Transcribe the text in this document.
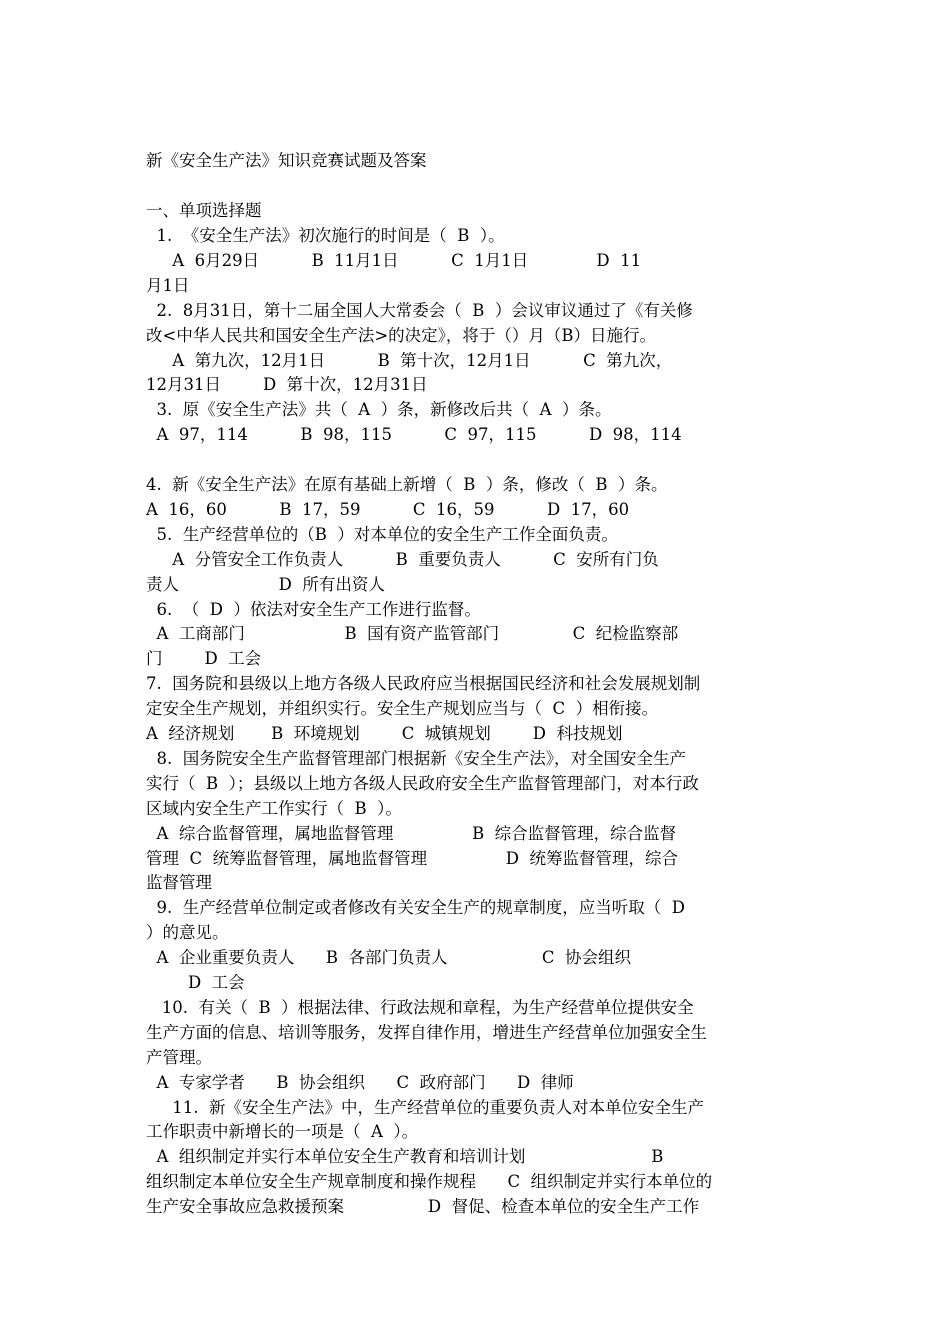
新《安全生产法》知识竞赛试题及答案
一、单项选择题
1.  《安全生产法》初次施行的时间是（  B  ）。
A  6月29日          B  11月1日          C  1月1日             D  11
月1日
2.  8月31日，第十二届全国人大常委会（  B  ）会议审议通过了《有关修
改<中华人民共和国安全生产法>的决定》，将于（）月（B）日施行。
A  第九次，12月1日          B  第十次，12月1日          C  第九次，
12月31日        D  第十次，12月31日
3.  原《安全生产法》共（  A  ）条，新修改后共（  A  ）条。
A  97，114          B  98，115          C  97，115          D  98，114
4.  新《安全生产法》在原有基础上新增（  B  ）条，修改（  B  ）条。
A  16，60          B  17，59          C  16，59          D  17，60
5.  生产经营单位的（B  ）对本单位的安全生产工作全面负责。
A  分管安全工作负责人          B  重要负责人          C  安所有门负
责人                   D  所有出资人
6.  （  D  ）依法对安全生产工作进行监督。
A  工商部门                   B  国有资产监管部门              C  纪检监察部
门        D  工会
7.  国务院和县级以上地方各级人民政府应当根据国民经济和社会发展规划制
定安全生产规划，并组织实行。安全生产规划应当与（  C  ）相衔接。
A  经济规划       B  环境规划        C  城镇规划        D  科技规划
8.  国务院安全生产监督管理部门根据新《安全生产法》，对全国安全生产
实行（  B  ）；县级以上地方各级人民政府安全生产监督管理部门，对本行政
区域内安全生产工作实行（  B  ）。
A  综合监督管理，属地监督管理               B  综合监督管理，综合监督
管理  C  统筹监督管理，属地监督管理               D  统筹监督管理，综合
监督管理
9.  生产经营单位制定或者修改有关安全生产的规章制度，应当听取（  D
）的意见。
A  企业重要负责人      B  各部门负责人                  C  协会组织
D  工会
10.  有关（  B  ）根据法律、行政法规和章程，为生产经营单位提供安全
生产方面的信息、培训等服务，发挥自律作用，增进生产经营单位加强安全生
产管理。
A  专家学者      B  协会组织      C  政府部门      D  律师
11.  新《安全生产法》中，生产经营单位的重要负责人对本单位安全生产
工作职责中新增长的一项是（  A  ）。
A  组织制定并实行本单位安全生产教育和培训计划                        B
组织制定本单位安全生产规章制度和操作规程      C  组织制定并实行本单位的
生产安全事故应急救援预案                D  督促、检查本单位的安全生产工作
